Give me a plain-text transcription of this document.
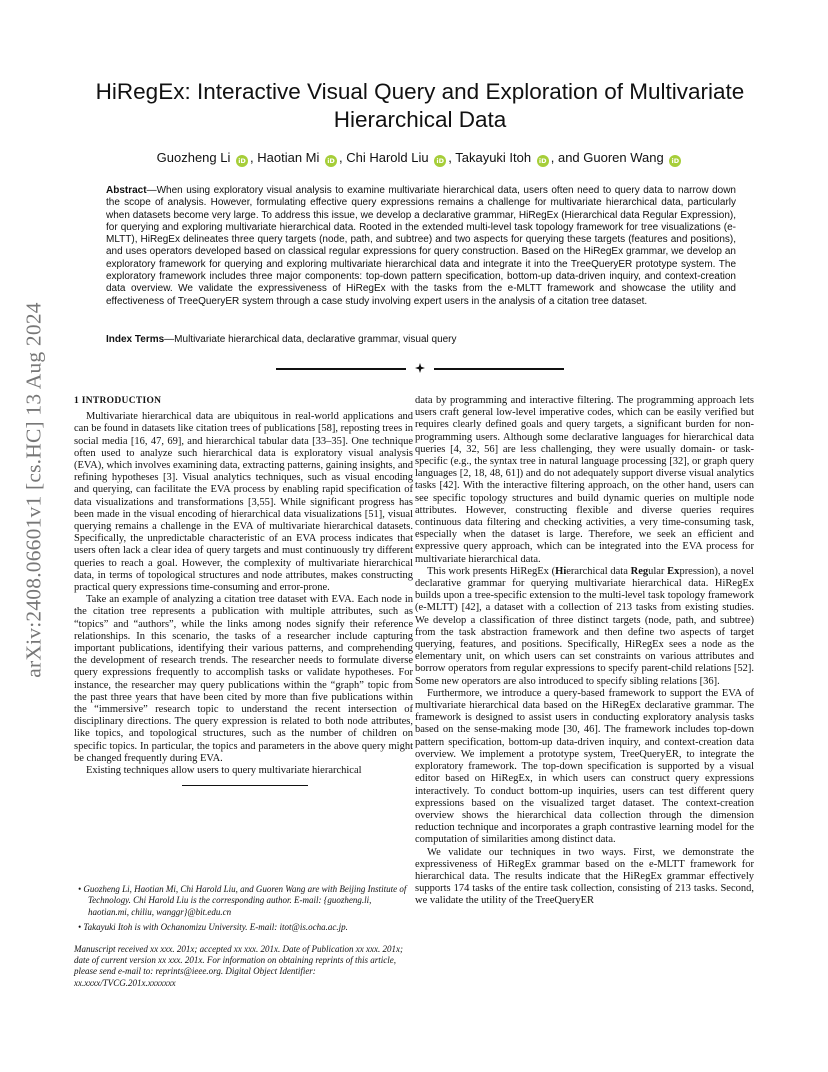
arXiv:2408.06601v1 [cs.HC] 13 Aug 2024
HiRegEx: Interactive Visual Query and Exploration of Multivariate Hierarchical Data
Guozheng Li iD , Haotian Mi iD , Chi Harold Liu iD , Takayuki Itoh iD , and Guoren Wang iD
Abstract—When using exploratory visual analysis to examine multivariate hierarchical data, users often need to query data to narrow down the scope of analysis. However, formulating effective query expressions remains a challenge for multivariate hierarchical data, particularly when datasets become very large. To address this issue, we develop a declarative grammar, HiRegEx (Hierarchical data Regular Expression), for querying and exploring multivariate hierarchical data. Rooted in the extended multi-level task topology framework for tree visualizations (e-MLTT), HiRegEx delineates three query targets (node, path, and subtree) and two aspects for querying these targets (features and positions), and uses operators developed based on classical regular expressions for query construction. Based on the HiRegEx grammar, we develop an exploratory framework for querying and exploring multivariate hierarchical data and integrate it into the TreeQueryER prototype system. The exploratory framework includes three major components: top-down pattern specification, bottom-up data-driven inquiry, and context-creation data overview. We validate the expressiveness of HiRegEx with the tasks from the e-MLTT framework and showcase the utility and effectiveness of TreeQueryER system through a case study involving expert users in the analysis of a citation tree dataset.
Index Terms—Multivariate hierarchical data, declarative grammar, visual query
1 INTRODUCTION

Multivariate hierarchical data are ubiquitous in real-world applications and can be found in datasets like citation trees of publications [58], reposting trees in social media [16, 47, 69], and hierarchical tabular data [33–35]. One technique often used to analyze such hierarchical data is exploratory visual analysis (EVA), which involves examining data, extracting patterns, gaining insights, and refining hypotheses [3]. Visual analytics techniques, such as visual encoding and querying, can facilitate the EVA process by enabling rapid specification of data visualizations and transformations [3,55]. While significant progress has been made in the visual encoding of hierarchical data visualizations [51], visual querying remains a challenge in the EVA of multivariate hierarchical datasets. Specifically, the unpredictable characteristic of an EVA process indicates that users often lack a clear idea of query targets and must continuously try different queries to reach a goal. However, the complexity of multivariate hierarchical data, in terms of topological structures and node attributes, makes constructing practical query expressions time-consuming and error-prone.

Take an example of analyzing a citation tree dataset with EVA. Each node in the citation tree represents a publication with multiple attributes, such as “topics” and “authors”, while the links among nodes signify their reference relationships. In this scenario, the tasks of a researcher include capturing important publications, identifying their various patterns, and comprehending the development of research trends. The researcher needs to formulate diverse query expressions frequently to accomplish tasks or validate hypotheses. For instance, the researcher may query publications within the “graph” topic from the past three years that have been cited by more than five publications within the “immersive” research topic to understand the recent intersection of disciplinary directions. The query expression is related to both node attributes, like topics, and topological structures, such as the number of children on specific topics. In particular, the topics and parameters in the above query might be changed frequently during EVA.

Existing techniques allow users to query multivariate hierarchical

• Guozheng Li, Haotian Mi, Chi Harold Liu, and Guoren Wang are with Beijing Institute of Technology. Chi Harold Liu is the corresponding author. E-mail: {guozheng.li, haotian.mi, chiliu, wanggr}@bit.edu.cn

• Takayuki Itoh is with Ochanomizu University. E-mail: itot@is.ocha.ac.jp.

Manuscript received xx xxx. 201x; accepted xx xxx. 201x. Date of Publication xx xxx. 201x; date of current version xx xxx. 201x. For information on obtaining reprints of this article, please send e-mail to: reprints@ieee.org. Digital Object Identifier: xx.xxxx/TVCG.201x.xxxxxxx

data by programming and interactive filtering. The programming approach lets users craft general low-level imperative codes, which can be easily verified but requires clearly defined goals and query targets, a significant burden for non-programming users. Although some declarative languages for hierarchical data queries [4, 32, 56] are less challenging, they were usually domain- or task-specific (e.g., the syntax tree in natural language processing [32], or graph query languages [2, 18, 48, 61]) and do not adequately support diverse visual analytics tasks [42]. With the interactive filtering approach, on the other hand, users can see specific topology structures and build dynamic queries on multiple node attributes. However, constructing flexible and diverse queries requires continuous data filtering and checking activities, a very time-consuming task, especially when the dataset is large. Therefore, we seek an efficient and expressive query approach, which can be integrated into the EVA process for multivariate hierarchical data.

This work presents HiRegEx (Hierarchical data Regular Expression), a novel declarative grammar for querying multivariate hierarchical data. HiRegEx builds upon a tree-specific extension to the multi-level task topology framework (e-MLTT) [42], a dataset with a collection of 213 tasks from existing studies. We develop a classification of three distinct targets (node, path, and subtree) from the task abstraction framework and then define two aspects of target querying, features, and positions. Specifically, HiRegEx sees a node as the elementary unit, on which users can set constraints on various attributes and borrow operators from regular expressions to specify parent-child relations [52]. Some new operators are also introduced to specify sibling relations [36].

Furthermore, we introduce a query-based framework to support the EVA of multivariate hierarchical data based on the HiRegEx declarative grammar. The framework is designed to assist users in conducting exploratory analysis tasks based on the sense-making mode [30, 46]. The framework includes top-down pattern specification, bottom-up data-driven inquiry, and context-creation data overview. We implement a prototype system, TreeQueryER, to integrate the exploratory framework. The top-down specification is supported by a visual editor based on HiRegEx, in which users can construct query expressions interactively. To conduct bottom-up inquiries, users can test different query expressions based on the visualized target dataset. The context-creation overview shows the hierarchical data collection through the dimension reduction technique and incorporates a graph contrastive learning model for the computation of similarities among distinct data.

We validate our techniques in two ways. First, we demonstrate the expressiveness of HiRegEx grammar based on the e-MLTT framework for hierarchical data. The results indicate that the HiRegEx grammar effectively supports 174 tasks of the entire task collection, consisting of 213 tasks. Second, we validate the utility of the TreeQueryER
